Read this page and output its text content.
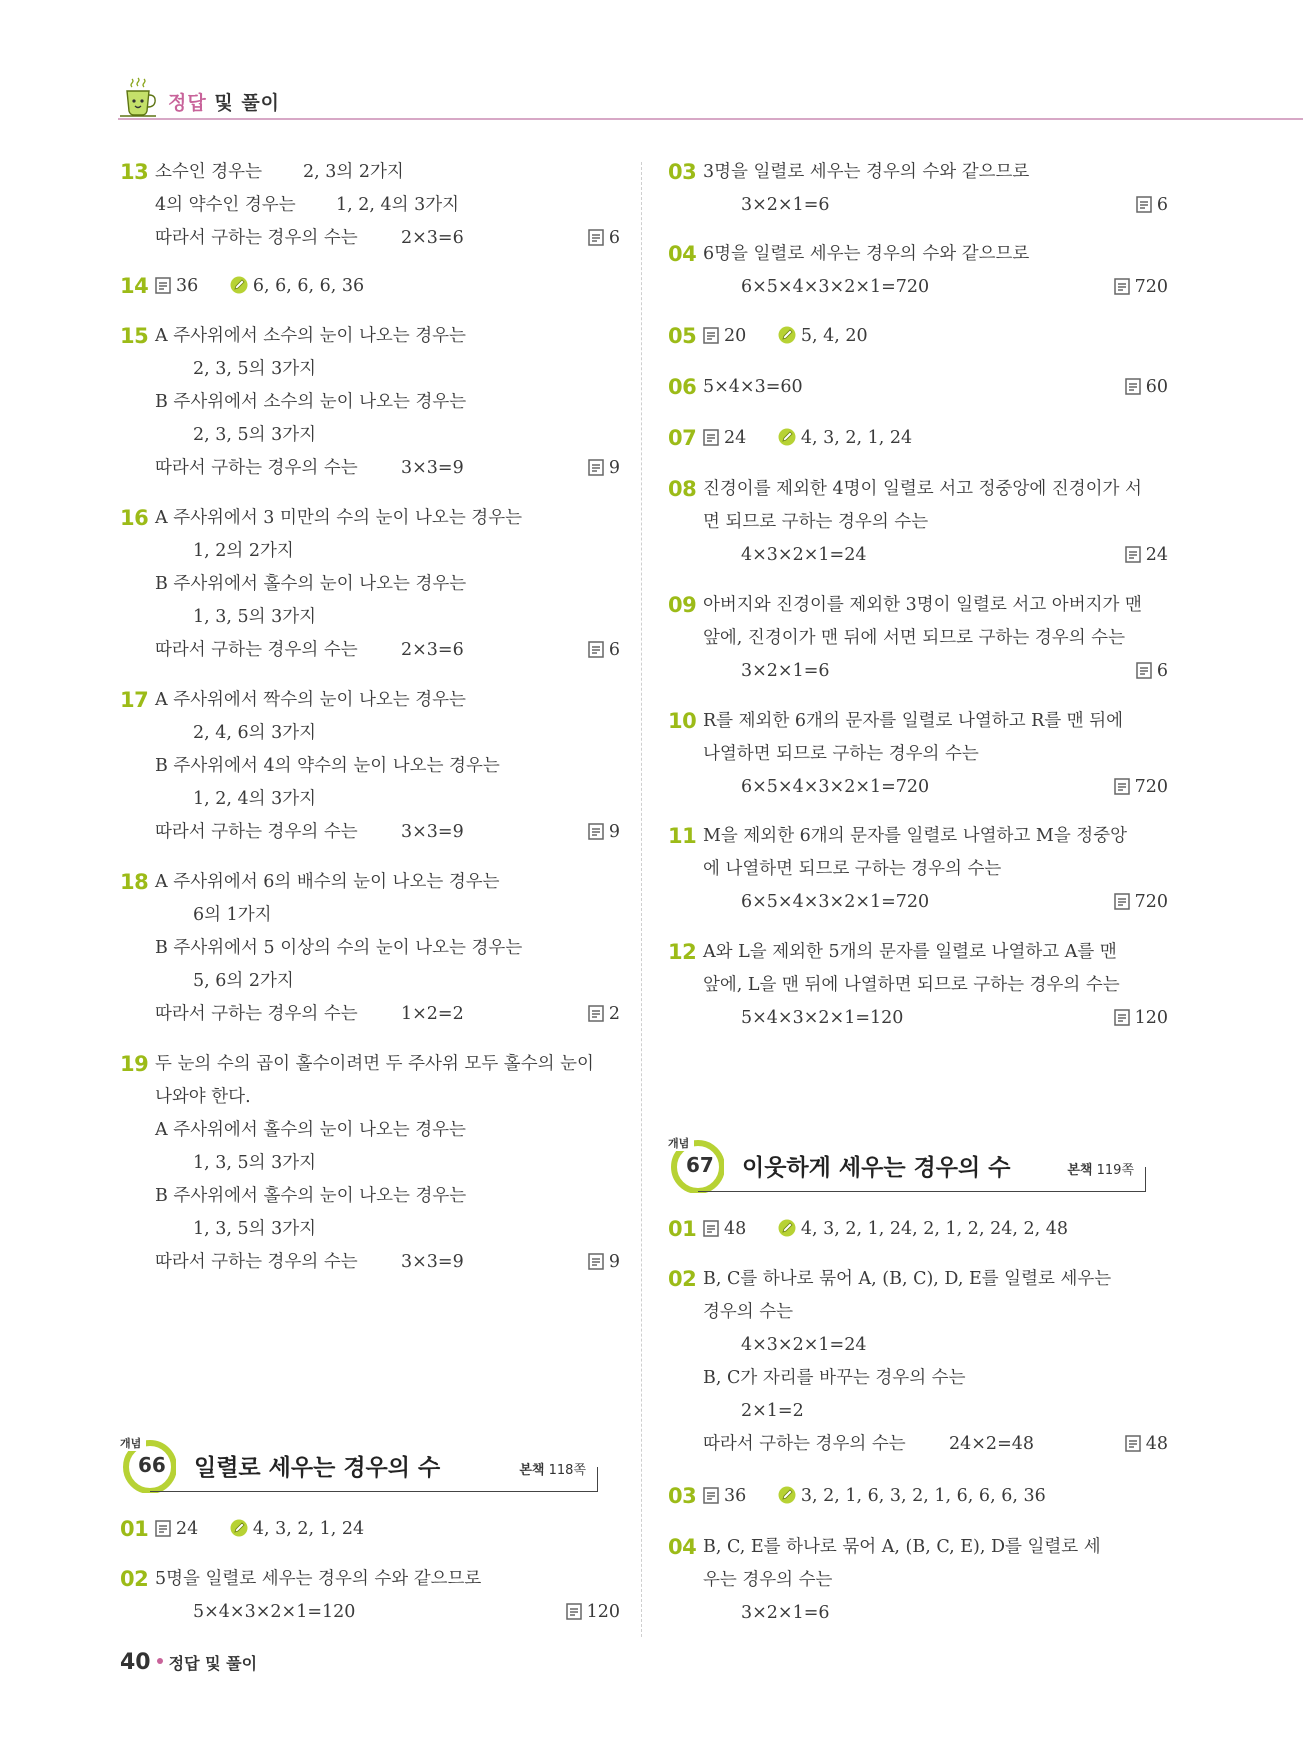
정답 및 풀이
13 소수인 경우는 2, 3의 2가지
4의 약수인 경우는 1, 2, 4의 3가지
따라서 구하는 경우의 수는 2×3=6	6
14	36	6, 6, 6, 6, 36
15 A 주사위에서 소수의 눈이 나오는 경우는
2, 3, 5의 3가지
B 주사위에서 소수의 눈이 나오는 경우는
2, 3, 5의 3가지
따라서 구하는 경우의 수는 3×3=9	9
16 A 주사위에서 3 미만의 수의 눈이 나오는 경우는
1, 2의 2가지
B 주사위에서 홀수의 눈이 나오는 경우는
1, 3, 5의 3가지
따라서 구하는 경우의 수는 2×3=6	6
17 A 주사위에서 짝수의 눈이 나오는 경우는
2, 4, 6의 3가지
B 주사위에서 4의 약수의 눈이 나오는 경우는
1, 2, 4의 3가지
따라서 구하는 경우의 수는 3×3=9	9
18 A 주사위에서 6의 배수의 눈이 나오는 경우는
6의 1가지
B 주사위에서 5 이상의 수의 눈이 나오는 경우는
5, 6의 2가지
따라서 구하는 경우의 수는 1×2=2	2
19 두 눈의 수의 곱이 홀수이려면 두 주사위 모두 홀수의 눈이
나와야 한다.
A 주사위에서 홀수의 눈이 나오는 경우는
1, 3, 5의 3가지
B 주사위에서 홀수의 눈이 나오는 경우는
1, 3, 5의 3가지
따라서 구하는 경우의 수는 3×3=9	9
개념
66 일렬로 세우는 경우의 수	본책 118쪽
01	24	4, 3, 2, 1, 24
02 5명을 일렬로 세우는 경우의 수와 같으므로
5×4×3×2×1=120	120
03 3명을 일렬로 세우는 경우의 수와 같으므로
3×2×1=6	6
04 6명을 일렬로 세우는 경우의 수와 같으므로
6×5×4×3×2×1=720	720
05	20	5, 4, 20
06 5×4×3=60	60
07	24	4, 3, 2, 1, 24
08 진경이를 제외한 4명이 일렬로 서고 정중앙에 진경이가 서
면 되므로 구하는 경우의 수는
4×3×2×1=24	24
09 아버지와 진경이를 제외한 3명이 일렬로 서고 아버지가 맨
앞에, 진경이가 맨 뒤에 서면 되므로 구하는 경우의 수는
3×2×1=6	6
10 R를 제외한 6개의 문자를 일렬로 나열하고 R를 맨 뒤에
나열하면 되므로 구하는 경우의 수는
6×5×4×3×2×1=720	720
11 M을 제외한 6개의 문자를 일렬로 나열하고 M을 정중앙
에 나열하면 되므로 구하는 경우의 수는
6×5×4×3×2×1=720	720
12 A와 L을 제외한 5개의 문자를 일렬로 나열하고 A를 맨
앞에, L을 맨 뒤에 나열하면 되므로 구하는 경우의 수는
5×4×3×2×1=120	120
개념
67 이웃하게 세우는 경우의 수	본책 119쪽
01	48	4, 3, 2, 1, 24, 2, 1, 2, 24, 2, 48
02 B, C를 하나로 묶어 A, (B, C), D, E를 일렬로 세우는
경우의 수는
4×3×2×1=24
B, C가 자리를 바꾸는 경우의 수는
2×1=2
따라서 구하는 경우의 수는 24×2=48	48
03	36	3, 2, 1, 6, 3, 2, 1, 6, 6, 6, 36
04 B, C, E를 하나로 묶어 A, (B, C, E), D를 일렬로 세
우는 경우의 수는
3×2×1=6
40 정답 및 풀이
